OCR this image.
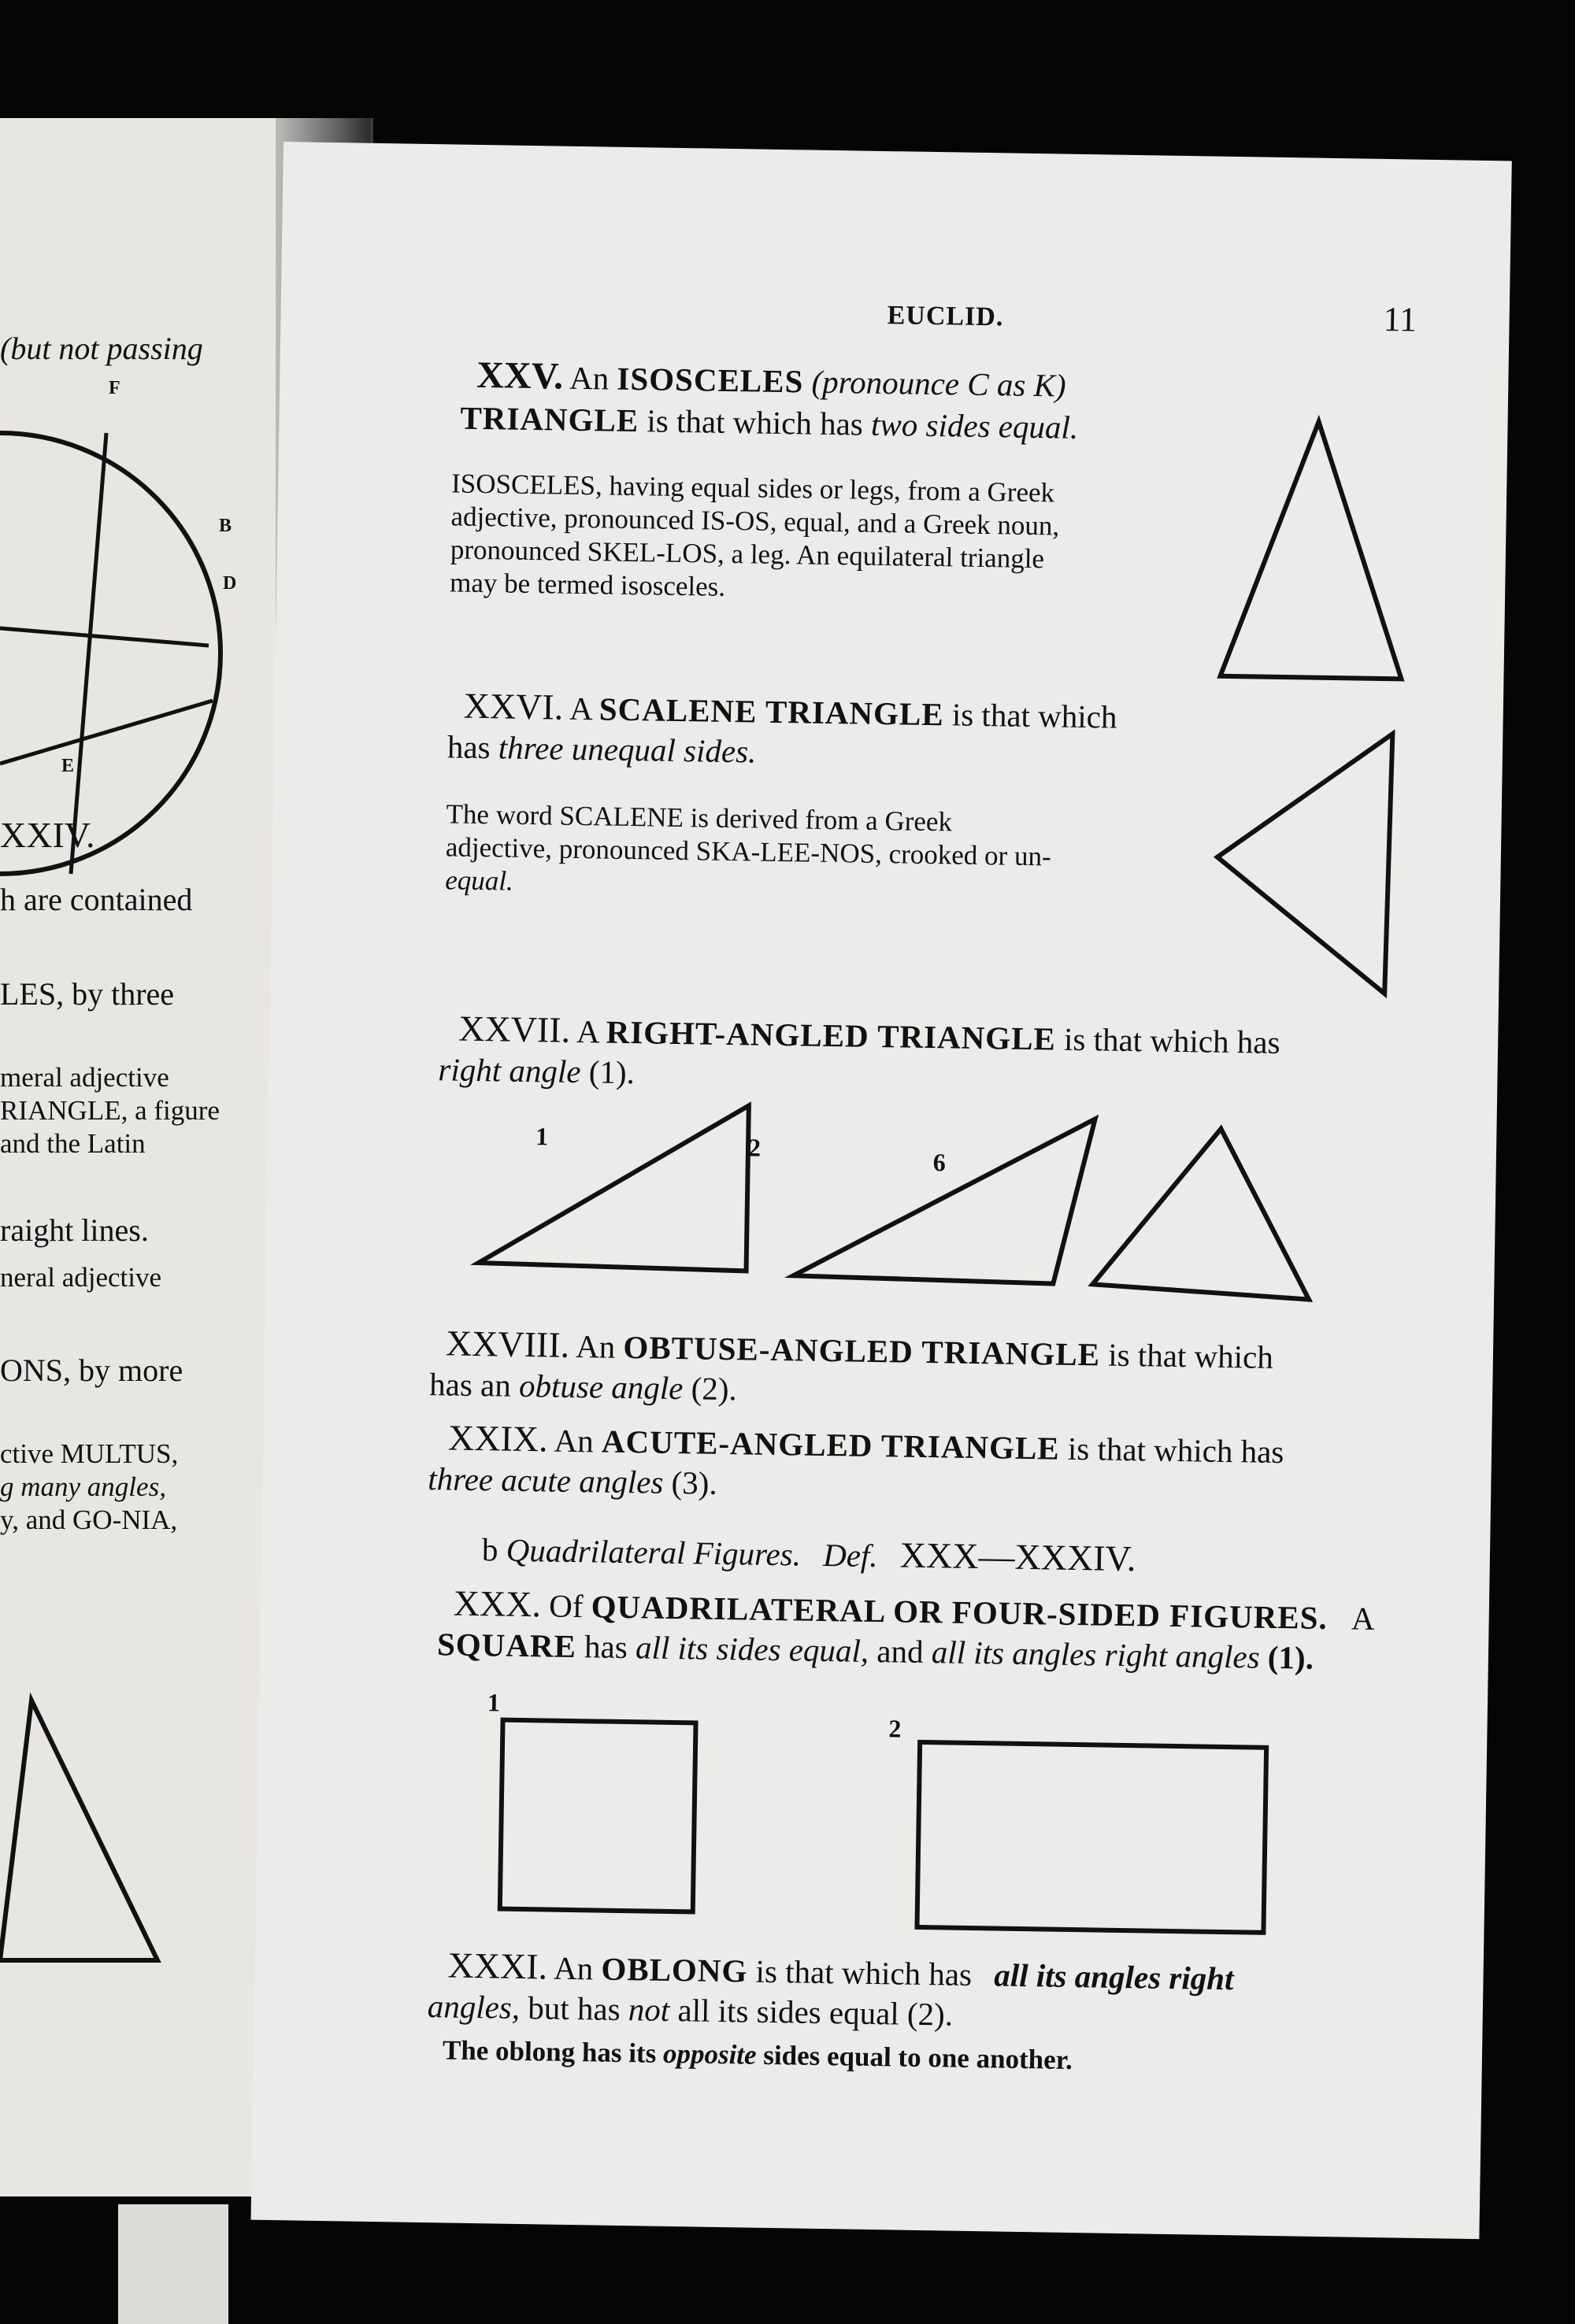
(but not passing
F
B
D
E
XXIV.
h are contained
LES, by three
meral adjective
RIANGLE, a figure
and the Latin
raight lines.
neral adjective
ONS, by more
ctive MULTUS,
g many angles,
y, and GO-NIA,
EUCLID.	11
XXV. An ISOSCELES (pronounce C as K)
TRIANGLE is that which has two sides equal.
ISOSCELES, having equal sides or legs, from a Greek
adjective, pronounced IS-OS, equal, and a Greek noun,
pronounced SKEL-LOS, a leg. An equilateral triangle
may be termed isosceles.
XXVI. A SCALENE TRIANGLE is that which
has three unequal sides.
The word SCALENE is derived from a Greek
adjective, pronounced SKA-LEE-NOS, crooked or un-
equal.
XXVII. A RIGHT-ANGLED TRIANGLE is that which has
right angle (1).
1	2
6
XXVIII. An OBTUSE-ANGLED TRIANGLE is that which
has an obtuse angle (2).
XXIX. An ACUTE-ANGLED TRIANGLE is that which has
three acute angles (3).
b Quadrilateral Figures. Def. XXX—XXXIV.
XXX. Of QUADRILATERAL OR FOUR-SIDED FIGURES. A
SQUARE has all its sides equal, and all its angles right angles (1).
1
2
XXXI. An OBLONG is that which has all its angles right
angles, but has not all its sides equal (2).
The oblong has its opposite sides equal to one another.
